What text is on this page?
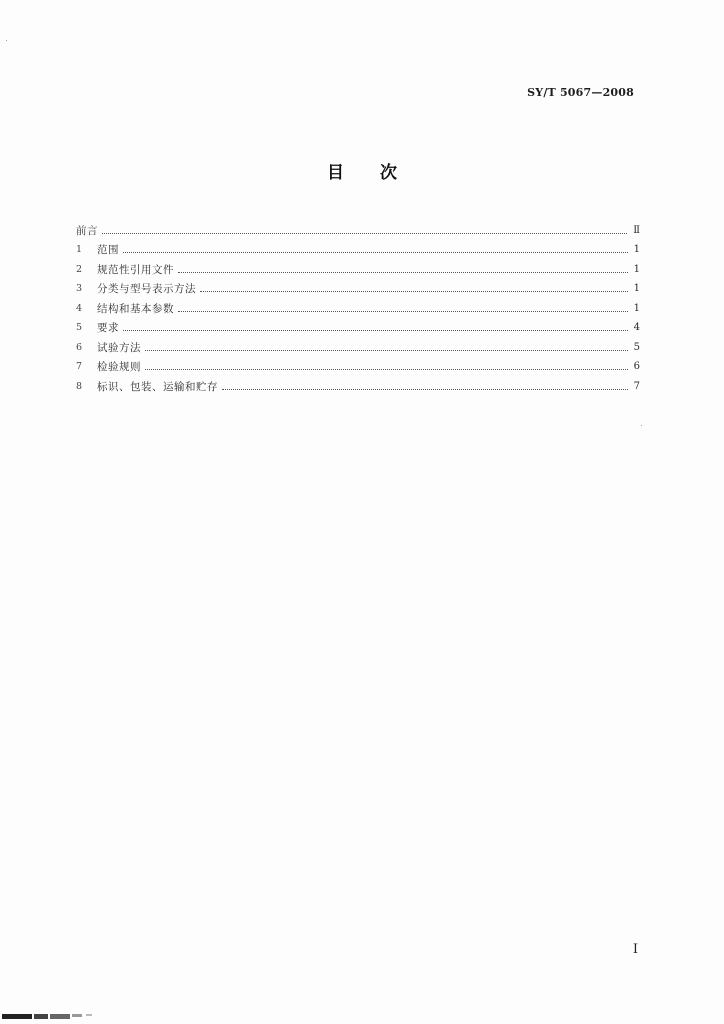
SY/T 5067—2008
目 次
前言	Ⅱ
1	范围	1
2	规范性引用文件	1
3	分类与型号表示方法	1
4	结构和基本参数	1
5	要求	4
6	试验方法	5
7	检验规则	6
8	标识、包装、运输和贮存	7
I
